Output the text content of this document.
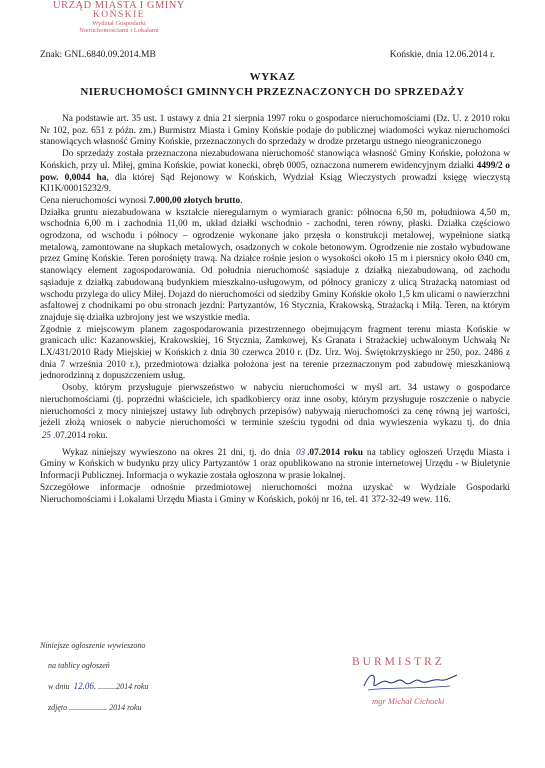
URZĄD MIASTA I GMINY
KOŃSKIE
Wydział Gospodarki
Nieruchomościami i Lokalami
Znak: GNL.6840.09.2014.MB	Końskie, dnia 12.06.2014 r.
WYKAZ
NIERUCHOMOŚCI GMINNYCH PRZEZNACZONYCH DO SPRZEDAŻY

Na podstawie art. 35 ust. 1 ustawy z dnia 21 sierpnia 1997 roku o gospodarce nieruchomościami (Dz. U. z 2010 roku Nr 102, poz. 651 z późn. zm.) Burmistrz Miasta i Gminy Końskie podaje do publicznej wiadomości wykaz nieruchomości stanowiących własność Gminy Końskie, przeznaczonych do sprzedaży w drodze przetargu ustnego nieograniczonego

Do sprzedaży została przeznaczona niezabudowana nieruchomość stanowiąca własność Gminy Końskie, położona w Końskich, przy ul. Miłej, gmina Końskie, powiat konecki, obręb 0005, oznaczona numerem ewidencyjnym działki 4499/2 o pow. 0,0044 ha, dla której Sąd Rejonowy w Końskich, Wydział Ksiąg Wieczystych prowadzi księgę wieczystą KI1K/00015232/9.

Cena nieruchomości wynosi 7.000,00 złotych brutto.

Działka gruntu niezabudowana w kształcie nieregularnym o wymiarach granic: północna 6,50 m, południowa 4,50 m, wschodnia 6,00 m i zachodnia 11,00 m, układ działki wschodnio - zachodni, teren równy, płaski. Działka częściowo ogrodzona, od wschodu i północy – ogrodzenie wykonane jako przęsła o konstrukcji metalowej, wypełnione siatką metalową, zamontowane na słupkach metalowych, osadzonych w cokole betonowym. Ogrodzenie nie zostało wybudowane przez Gminę Końskie. Teren porośnięty trawą. Na działce rośnie jesion o wysokości około 15 m i piersnicy około Ø40 cm, stanowiący element zagospodarowania. Od południa nieruchomość sąsiaduje z działką niezabudowaną, od zachodu sąsiaduje z działką zabudowaną budynkiem mieszkalno-usługowym, od północy graniczy z ulicą Strażacką natomiast od wschodu przylega do ulicy Miłej. Dojazd do nieruchomości od siedziby Gminy Końskie około 1,5 km ulicami o nawierzchni asfaltowej z chodnikami po obu stronach jezdni: Partyzantów, 16 Stycznia, Krakowską, Strażacką i Miłą. Teren, na którym znajduje się działka uzbrojony jest we wszystkie media.

Zgodnie z miejscowym planem zagospodarowania przestrzennego obejmującym fragment terenu miasta Końskie w granicach ulic: Kazanowskiej, Krakowskiej, 16 Stycznia, Zamkowej, Ks Granata i Strażackiej uchwalonym Uchwałą Nr LX/431/2010 Rady Miejskiej w Końskich z dnia 30 czerwca 2010 r. (Dz. Urz. Woj. Świętokrzyskiego nr 250, poz. 2486 z dnia 7 września 2010 r.), przedmiotowa działka położona jest na terenie przeznaczonym pod zabudowę mieszkaniową jednorodzinną z dopuszczeniem usług.

Osoby, którym przysługuje pierwszeństwo w nabyciu nieruchomości w myśl art. 34 ustawy o gospodarce nieruchomościami (tj. poprzedni właściciele, ich spadkobiercy oraz inne osoby, którym przysługuje roszczenie o nabycie nieruchomości z mocy niniejszej ustawy lub odrębnych przepisów) nabywają nieruchomości za cenę równą jej wartości, jeżeli złożą wniosek o nabycie nieruchomości w terminie sześciu tygodni od dnia wywieszenia wykazu tj. do dnia 25 .07.2014 roku.

Wykaz niniejszy wywieszono na okres 21 dni, tj. do dnia 03 .07.2014 roku na tablicy ogłoszeń Urzędu Miasta i Gminy w Końskich w budynku przy ulicy Partyzantów 1 oraz opublikowano na stronie internetowej Urzędu - w Biuletynie Informacji Publicznej. Informacja o wykazie została ogłoszona w prasie lokalnej.

Szczegółowe informacje odnośnie przedmiotowej nieruchomości można uzyskać w Wydziale Gospodarki Nieruchomościami i Lokalami Urzędu Miasta i Gminy w Końskich, pokój nr 16, tel. 41 372-32-49 wew. 116.

Niniejsze ogłoszenie wywieszono
na tablicy ogłoszeń
w dniu 12.06. .........2014 roku
zdjęto ................... 2014 roku
BURMISTRZ
mgr Michał Cichocki
